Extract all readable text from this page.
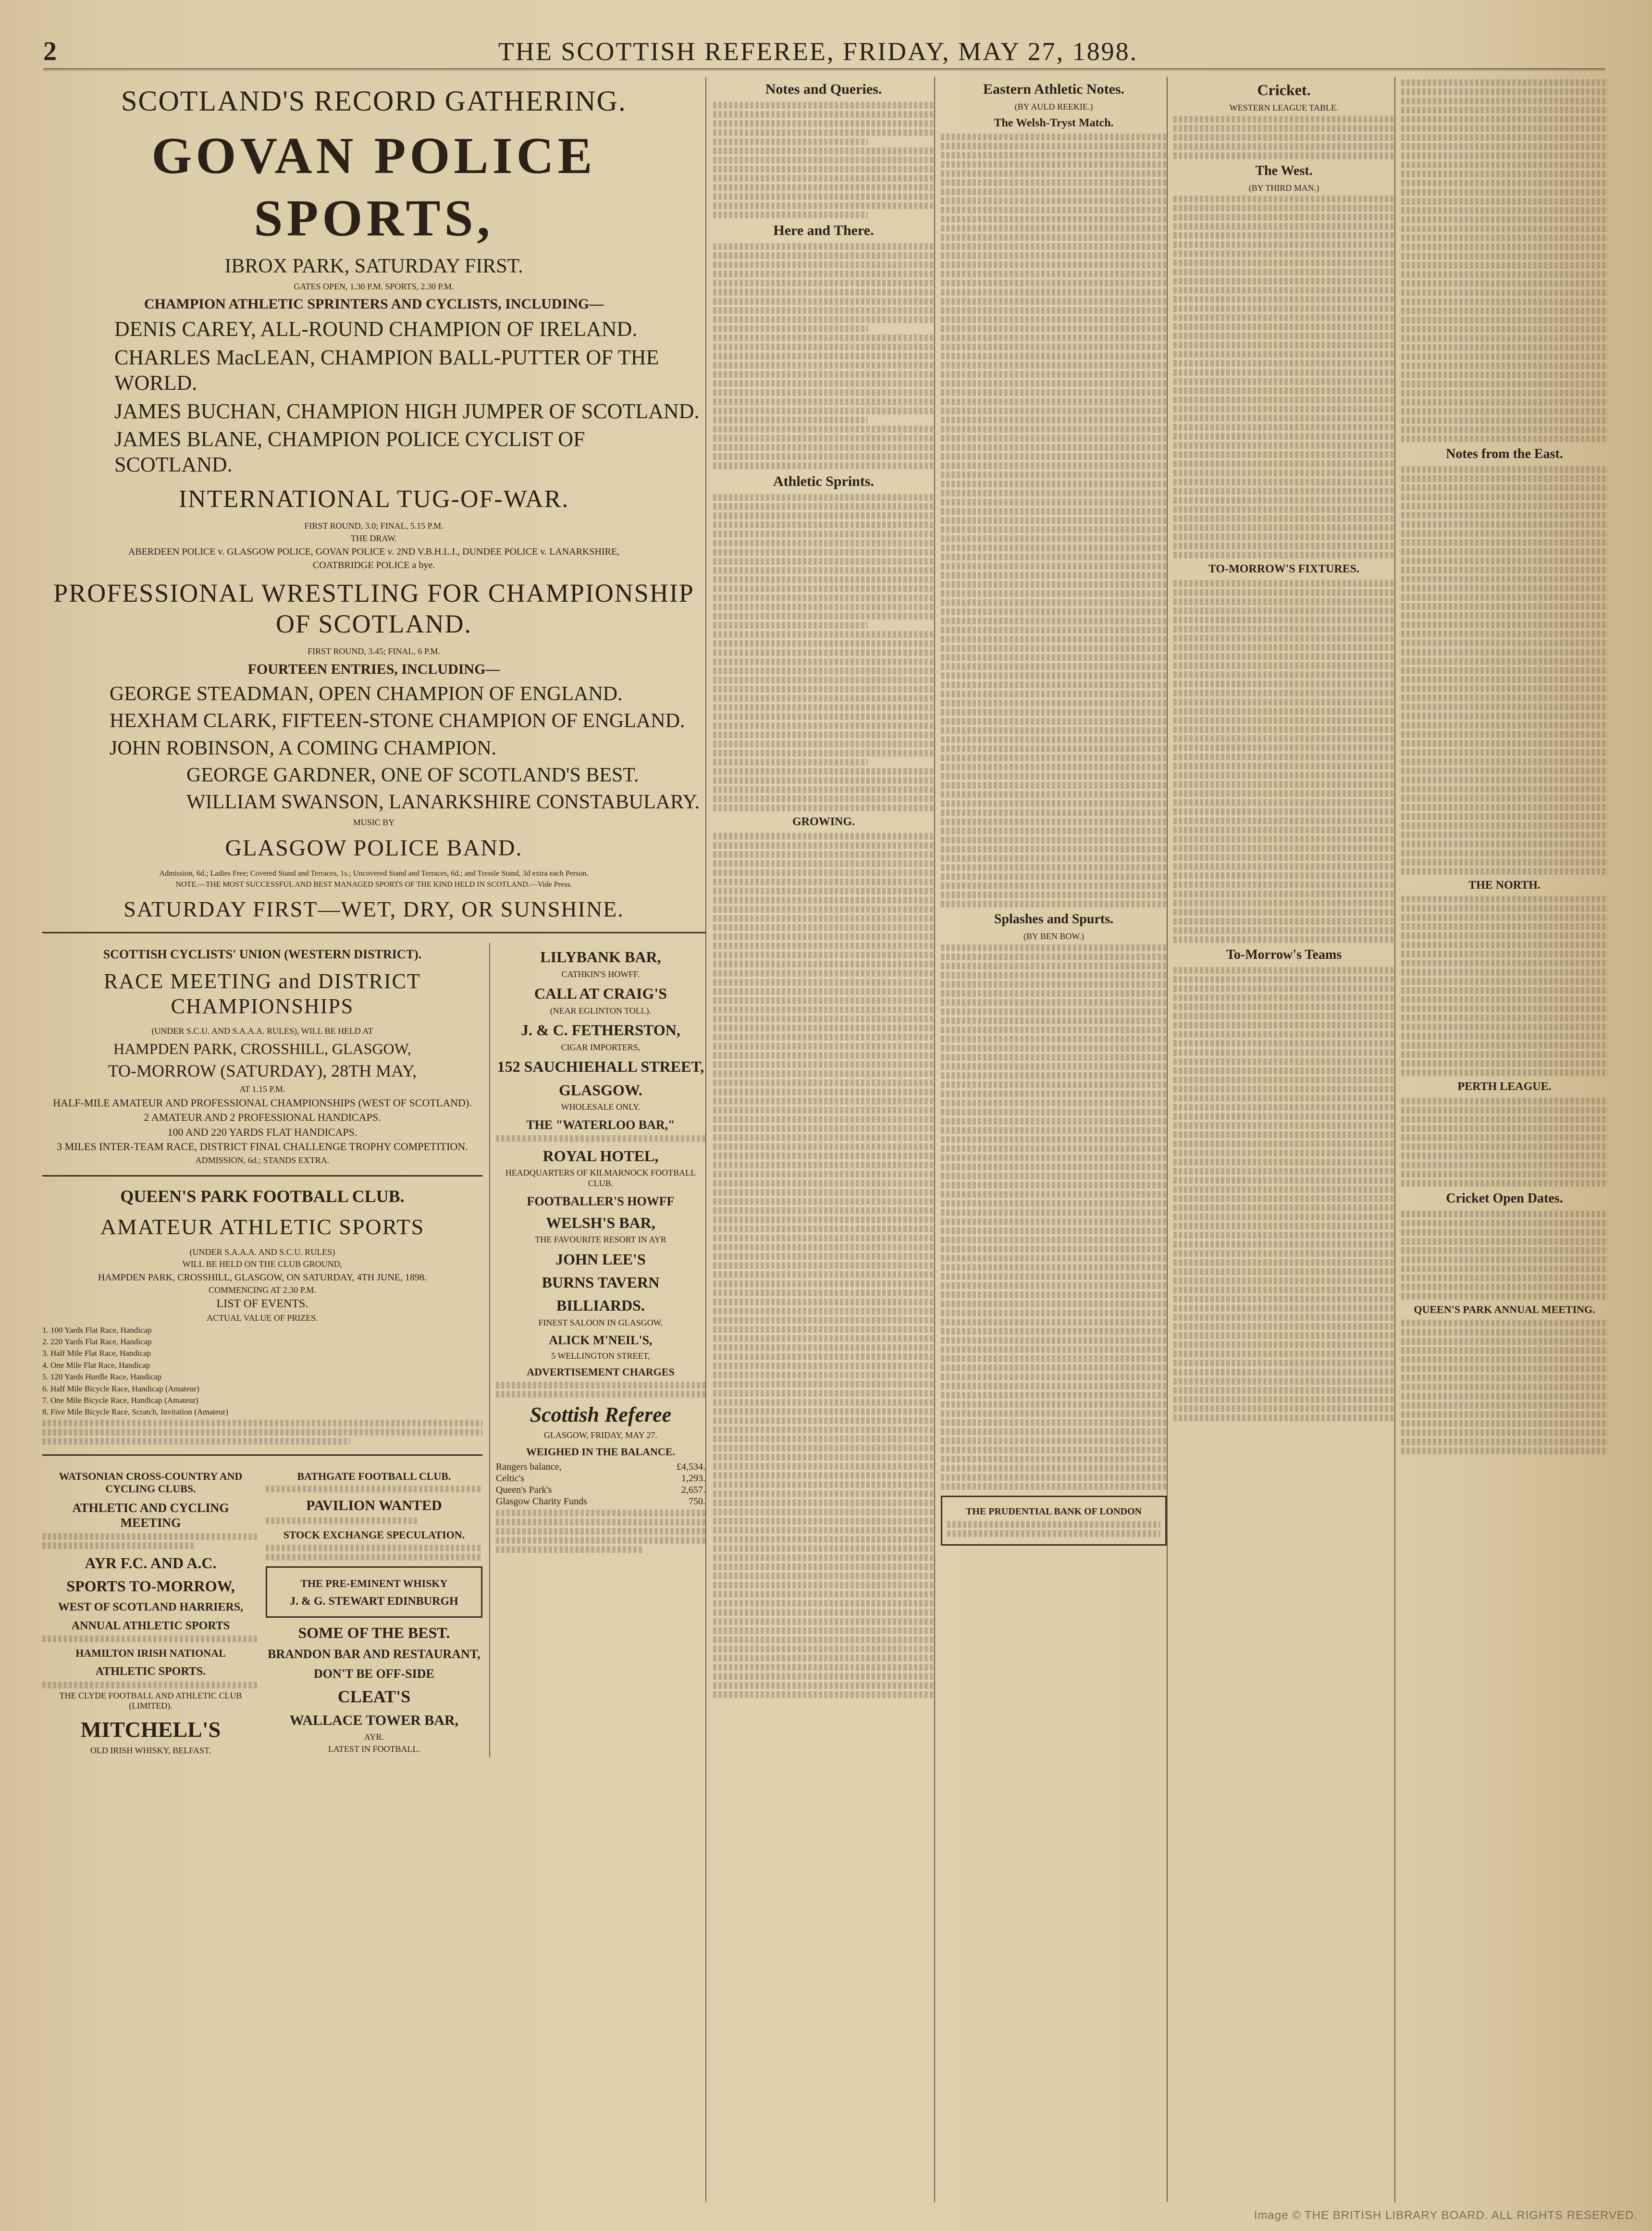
2	THE SCOTTISH REFEREE, FRIDAY, MAY 27, 1898.
SCOTLAND'S RECORD GATHERING.
GOVAN POLICE SPORTS,
IBROX PARK, SATURDAY FIRST.
GATES OPEN, 1.30 P.M. SPORTS, 2.30 P.M.
CHAMPION ATHLETIC SPRINTERS AND CYCLISTS, INCLUDING—
DENIS CAREY, ALL-ROUND CHAMPION OF IRELAND.
CHARLES MacLEAN, CHAMPION BALL-PUTTER OF THE WORLD.
JAMES BUCHAN, CHAMPION HIGH JUMPER OF SCOTLAND.
JAMES BLANE, CHAMPION POLICE CYCLIST OF SCOTLAND.
INTERNATIONAL TUG-OF-WAR.
FIRST ROUND, 3.0; FINAL, 5.15 P.M.
THE DRAW.
ABERDEEN POLICE v. GLASGOW POLICE, GOVAN POLICE v. 2ND V.B.H.L.I., DUNDEE POLICE v. LANARKSHIRE,
COATBRIDGE POLICE a bye.
PROFESSIONAL WRESTLING FOR CHAMPIONSHIP OF SCOTLAND.
FIRST ROUND, 3.45; FINAL, 6 P.M.
FOURTEEN ENTRIES, INCLUDING—
GEORGE STEADMAN, OPEN CHAMPION OF ENGLAND.
HEXHAM CLARK, FIFTEEN-STONE CHAMPION OF ENGLAND.
JOHN ROBINSON, A COMING CHAMPION.
GEORGE GARDNER, ONE OF SCOTLAND'S BEST.
WILLIAM SWANSON, LANARKSHIRE CONSTABULARY.
MUSIC BY
GLASGOW POLICE BAND.
Admission, 6d.; Ladies Free; Covered Stand and Terraces, 1s.; Uncovered Stand and Terraces, 6d.; and Tressle Stand, 3d extra each Person.
NOTE.—THE MOST SUCCESSFUL AND BEST MANAGED SPORTS OF THE KIND HELD IN SCOTLAND.—Vide Press.
SATURDAY FIRST—WET, DRY, OR SUNSHINE.
SCOTTISH CYCLISTS' UNION (WESTERN DISTRICT).
RACE MEETING and DISTRICT CHAMPIONSHIPS
(UNDER S.C.U. AND S.A.A.A. RULES), WILL BE HELD AT
HAMPDEN PARK, CROSSHILL, GLASGOW,
TO-MORROW (SATURDAY), 28TH MAY,
AT 1.15 P.M.
HALF-MILE AMATEUR AND PROFESSIONAL CHAMPIONSHIPS (WEST OF SCOTLAND).
2 AMATEUR AND 2 PROFESSIONAL HANDICAPS.
100 AND 220 YARDS FLAT HANDICAPS.
3 MILES INTER-TEAM RACE, DISTRICT FINAL CHALLENGE TROPHY COMPETITION.
ADMISSION, 6d.; STANDS EXTRA.
QUEEN'S PARK FOOTBALL CLUB.
AMATEUR ATHLETIC SPORTS
(UNDER S.A.A.A. AND S.C.U. RULES)
WILL BE HELD ON THE CLUB GROUND,
HAMPDEN PARK, CROSSHILL, GLASGOW, ON SATURDAY, 4TH JUNE, 1898.
COMMENCING AT 2.30 P.M.
LIST OF EVENTS.
ACTUAL VALUE OF PRIZES.
1. 100 Yards Flat Race, Handicap
2. 220 Yards Flat Race, Handicap
3. Half Mile Flat Race, Handicap
4. One Mile Flat Race, Handicap
5. 120 Yards Hurdle Race, Handicap
6. Half Mile Bicycle Race, Handicap (Amateur)
7. One Mile Bicycle Race, Handicap (Amateur)
8. Five Mile Bicycle Race, Scratch, Invitation (Amateur)
WATSONIAN CROSS-COUNTRY AND CYCLING CLUBS.
ATHLETIC AND CYCLING MEETING
AYR F.C. AND A.C.
SPORTS TO-MORROW,
WEST OF SCOTLAND HARRIERS,
ANNUAL ATHLETIC SPORTS
HAMILTON IRISH NATIONAL
ATHLETIC SPORTS.
THE CLYDE FOOTBALL AND ATHLETIC CLUB (LIMITED).
MITCHELL'S
OLD IRISH WHISKY, BELFAST.
BATHGATE FOOTBALL CLUB.
PAVILION WANTED
STOCK EXCHANGE SPECULATION.
THE PRE-EMINENT WHISKY
J. & G. STEWART EDINBURGH
SOME OF THE BEST.
BRANDON BAR AND RESTAURANT,
DON'T BE OFF-SIDE
CLEAT'S
WALLACE TOWER BAR,
AYR.
LATEST IN FOOTBALL.
LILYBANK BAR,
CATHKIN'S HOWFF.
CALL AT CRAIG'S
(NEAR EGLINTON TOLL).
J. & C. FETHERSTON,
CIGAR IMPORTERS,
152 SAUCHIEHALL STREET,
GLASGOW.
WHOLESALE ONLY.
THE "WATERLOO BAR,"
ROYAL HOTEL,
HEADQUARTERS OF KILMARNOCK FOOTBALL CLUB.
FOOTBALLER'S HOWFF
WELSH'S BAR,
THE FAVOURITE RESORT IN AYR
JOHN LEE'S
BURNS TAVERN
BILLIARDS.
FINEST SALOON IN GLASGOW.
ALICK M'NEIL'S,
5 WELLINGTON STREET,
ADVERTISEMENT CHARGES
Scottish Referee
GLASGOW, FRIDAY, MAY 27.
WEIGHED IN THE BALANCE.
Rangers balance,	£4,534.
Celtic's	1,293.
Queen's Park's	2,657.
Glasgow Charity Funds	750.
Notes and Queries.
Here and There.
Athletic Sprints.
GROWING.
Eastern Athletic Notes.
(BY AULD REEKIE.)
The Welsh-Tryst Match.
Splashes and Spurts.
(BY BEN BOW.)
THE PRUDENTIAL BANK OF LONDON
Cricket.
WESTERN LEAGUE TABLE.
The West.
(BY THIRD MAN.)
TO-MORROW'S FIXTURES.
To-Morrow's Teams
Notes from the East.
THE NORTH.
PERTH LEAGUE.
Cricket Open Dates.
QUEEN'S PARK ANNUAL MEETING.
Image © THE BRITISH LIBRARY BOARD. ALL RIGHTS RESERVED.
